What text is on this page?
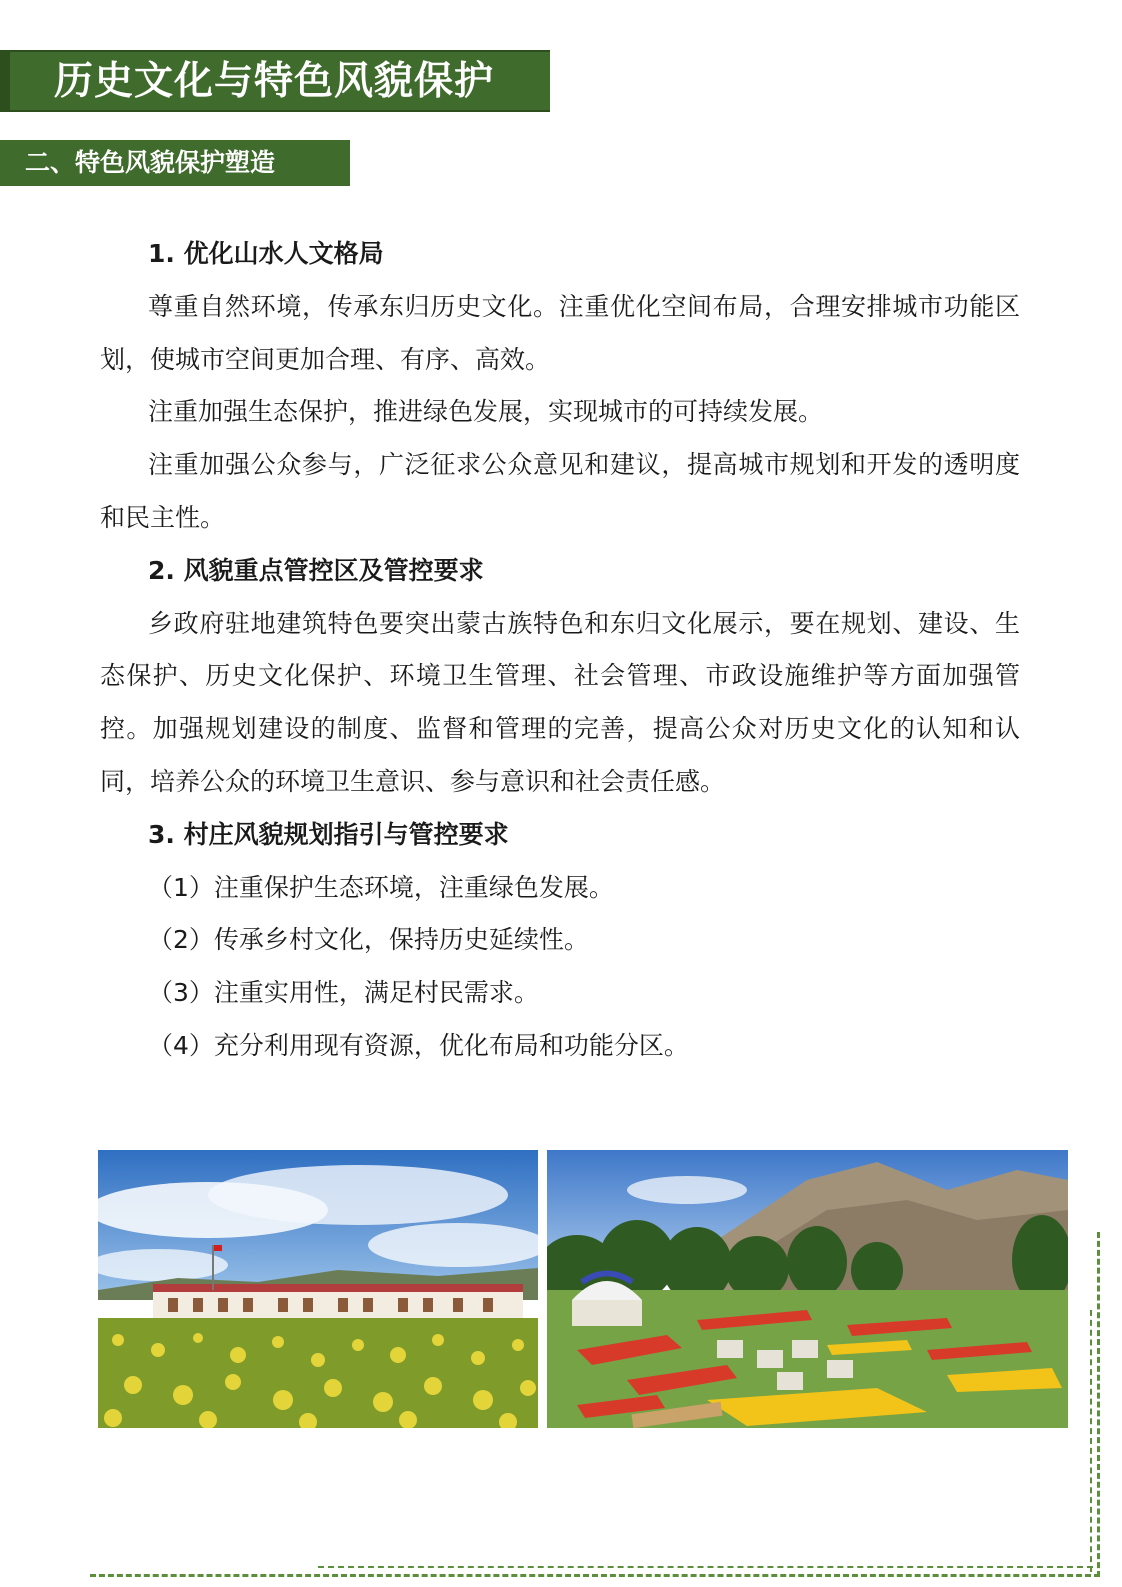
历史文化与特色风貌保护
二、特色风貌保护塑造

1. 优化山水人文格局

尊重自然环境，传承东归历史文化。注重优化空间布局，合理安排城市功能区划，使城市空间更加合理、有序、高效。

注重加强生态保护，推进绿色发展，实现城市的可持续发展。

注重加强公众参与，广泛征求公众意见和建议，提高城市规划和开发的透明度和民主性。

2. 风貌重点管控区及管控要求

乡政府驻地建筑特色要突出蒙古族特色和东归文化展示，要在规划、建设、生态保护、历史文化保护、环境卫生管理、社会管理、市政设施维护等方面加强管控。加强规划建设的制度、监督和管理的完善，提高公众对历史文化的认知和认同，培养公众的环境卫生意识、参与意识和社会责任感。

3. 村庄风貌规划指引与管控要求

（1）注重保护生态环境，注重绿色发展。

（2）传承乡村文化，保持历史延续性。

（3）注重实用性，满足村民需求。

（4）充分利用现有资源，优化布局和功能分区。
